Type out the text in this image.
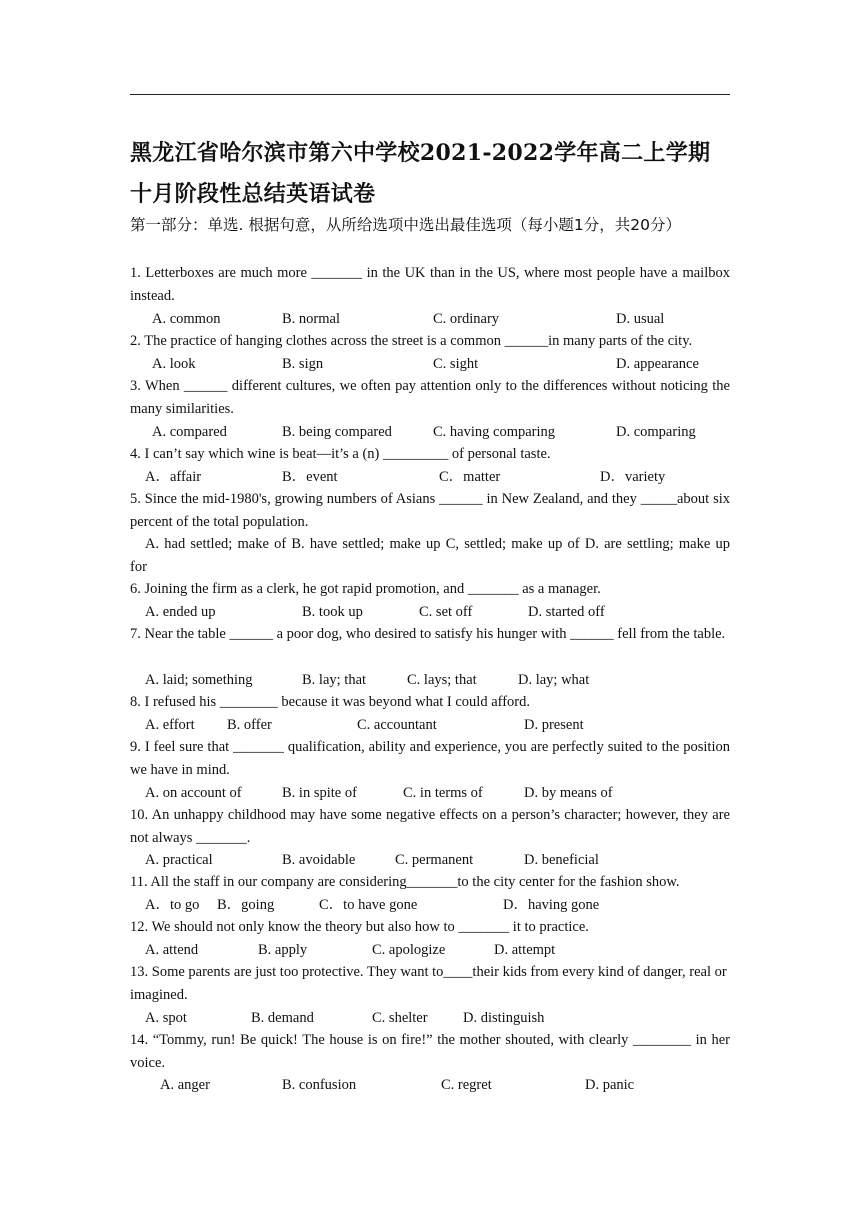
黑龙江省哈尔滨市第六中学校2021-2022学年高二上学期十月阶段性总结英语试卷
第一部分：单选. 根据句意，从所给选项中选出最佳选项（每小题1分，共20分）
1. Letterboxes are much more _______ in the UK than in the US, where most people have a mailbox instead.
A. common	B. normal	C. ordinary	D. usual
2. The practice of hanging clothes across the street is a common ______in many parts of the city.
A. look	B. sign	C. sight	D. appearance
3. When ______ different cultures, we often pay attention only to the differences without noticing the many similarities.
A. compared	B. being compared	C. having comparing	D. comparing
4. I can’t say which wine is beat—it’s a (n) _________ of personal taste.
A．affair	B．event	C．matter	D．variety
5. Since the mid-1980's, growing numbers of Asians ______ in New Zealand, and they _____about six percent of the total population.
A. had settled; make of B. have settled; make up C, settled; make up of D. are settling; make up for
6. Joining the firm as a clerk, he got rapid promotion, and _______ as a manager.
A. ended up	B. took up	C. set off	D. started off
7. Near the table ______ a poor dog, who desired to satisfy his hunger with ______ fell from the table.
A. laid; something	B. lay; that	C. lays; that	D. lay; what
8. I refused his ________ because it was beyond what I could afford.
A. effort B. offer	C. accountant	D. present
9. I feel sure that _______ qualification, ability and experience, you are perfectly suited to the position we have in mind.
A. on account of	B. in spite of	C. in terms of	D. by means of
10. An unhappy childhood may have some negative effects on a person’s character; however, they are not always _______.
A. practical	B. avoidable	C. permanent	D. beneficial
11. All the staff in our company are considering_______to the city center for the fashion show.
A．to go B．going	C．to have gone	D．having gone
12. We should not only know the theory but also how to _______ it to practice.
A. attend	B. apply	C. apologize	D. attempt
13. Some parents are just too protective. They want to____their kids from every kind of danger, real or imagined.
A. spot	B. demand	C. shelter D. distinguish
14. “Tommy, run! Be quick! The house is on fire!” the mother shouted, with clearly ________ in her voice.
A. anger	B. confusion	C. regret	D. panic
